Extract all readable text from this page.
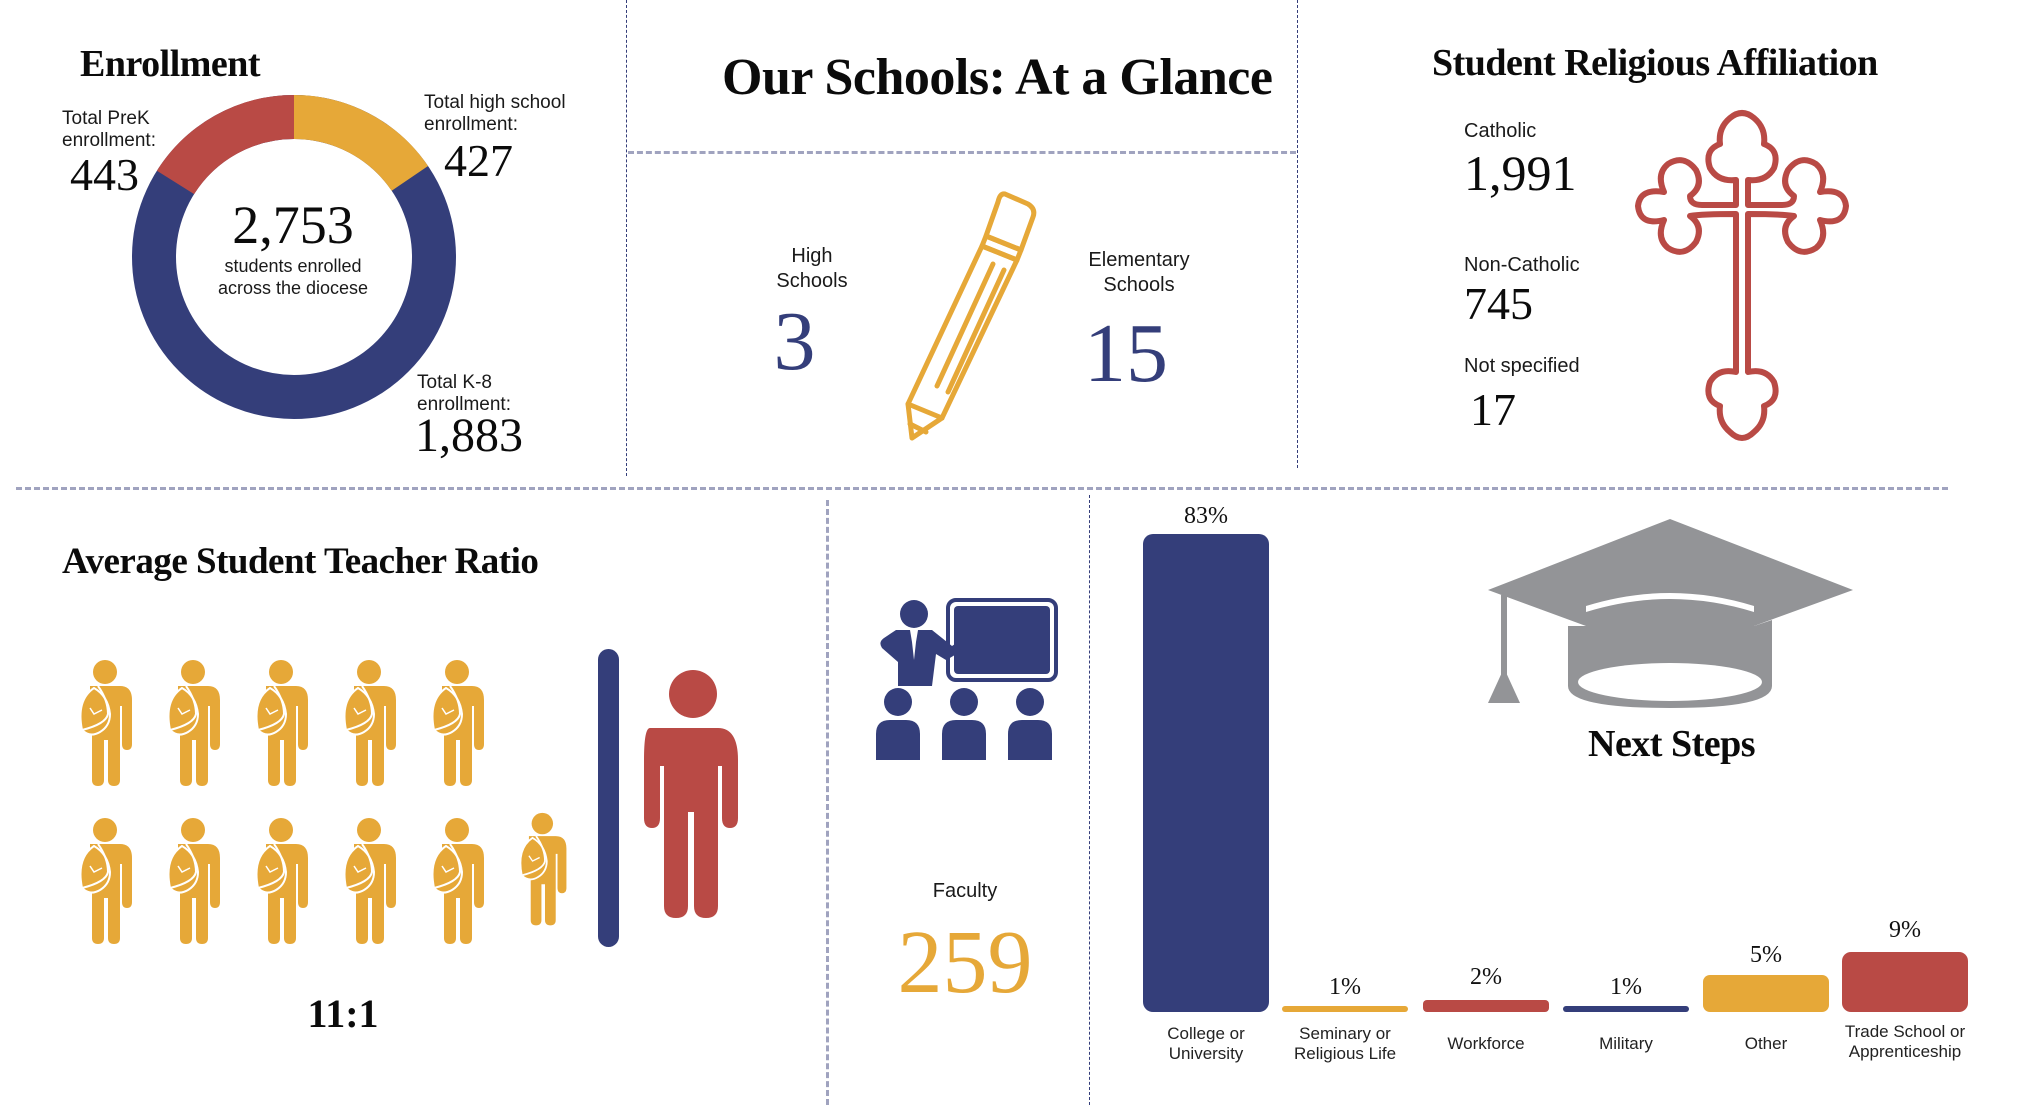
Enrollment
2,753
students enrolled
across the diocese
Total PreK
enrollment:
443
Total high school
enrollment:
427
Total K-8
enrollment:
1,883
Our Schools: At a Glance
High
Schools
3
Elementary
Schools
15
Student Religious Affiliation
Catholic
1,991
Non-Catholic
745
Not specified
17
Average Student Teacher Ratio
11:1
Faculty
259
Next Steps
83%
College or
University
1%
Seminary or
Religious Life
2%
Workforce
1%
Military
5%
Other
9%
Trade School or
Apprenticeship
